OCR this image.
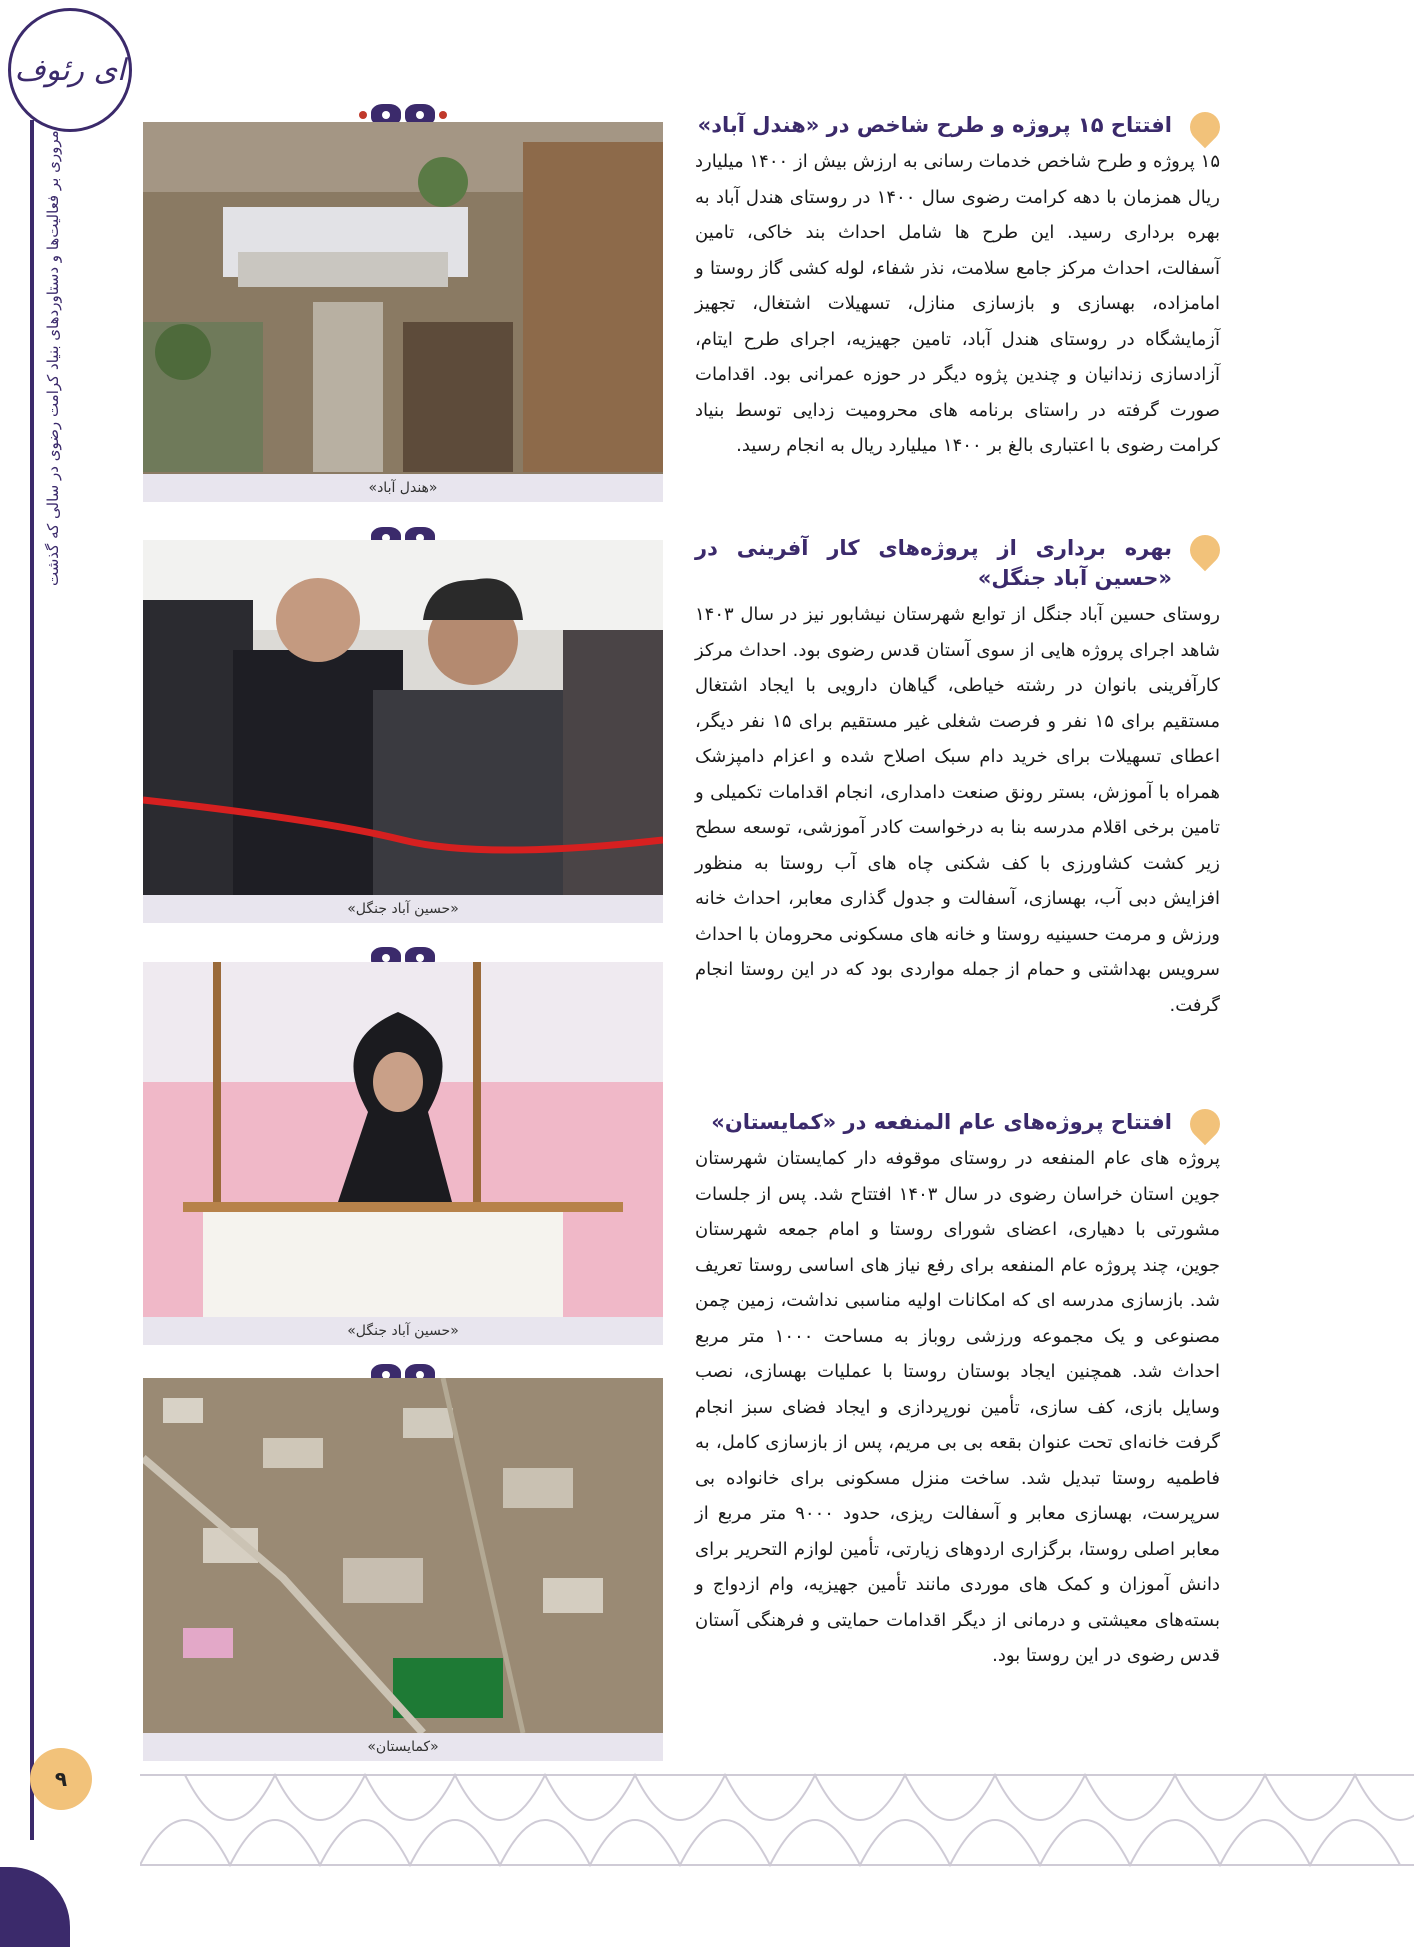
ای رئوف
مروری بر فعالیت‌ها و دستاوردهای بنیاد کرامت رضوی در سالی که گذشت
۹
«هندل آباد»
«حسین آباد جنگل»
«حسین آباد جنگل»
«کمایستان»
افتتاح ۱۵ پروژه و طرح شاخص در «هندل آباد»

۱۵ پروژه و طرح شاخص خدمات رسانی به ارزش بیش از ۱۴۰۰ میلیارد ریال همزمان با دهه کرامت رضوی سال ۱۴۰۰ در روستای هندل آباد به بهره برداری رسید. این طرح ها شامل احداث بند خاکی، تامین آسفالت، احداث مرکز جامع سلامت، نذر شفاء، لوله کشی گاز روستا و امامزاده، بهسازی و بازسازی منازل، تسهیلات اشتغال، تجهیز آزمایشگاه در روستای هندل آباد، تامین جهیزیه، اجرای طرح ایتام، آزادسازی زندانیان و چندین پژوه دیگر در حوزه عمرانی بود. اقدامات صورت گرفته در راستای برنامه های محرومیت زدایی توسط بنیاد کرامت رضوی با اعتباری بالغ بر ۱۴۰۰ میلیارد ریال به انجام رسید.

بهره برداری از پروژه‌های کار آفرینی در «حسین آباد جنگل»

روستای حسین آباد جنگل از توابع شهرستان نیشابور نیز در سال ۱۴۰۳ شاهد اجرای پروژه هایی از سوی آستان قدس رضوی بود. احداث مرکز کارآفرینی بانوان در رشته خیاطی، گیاهان دارویی با ایجاد اشتغال مستقیم برای ۱۵ نفر و فرصت شغلی غیر مستقیم برای ۱۵ نفر دیگر، اعطای تسهیلات برای خرید دام سبک اصلاح شده و اعزام دامپزشک همراه با آموزش، بستر رونق صنعت دامداری، انجام اقدامات تکمیلی و تامین برخی اقلام مدرسه بنا به درخواست کادر آموزشی، توسعه سطح زیر کشت کشاورزی با کف شکنی چاه های آب روستا به منظور افزایش دبی آب، بهسازی، آسفالت و جدول گذاری معابر، احداث خانه ورزش و مرمت حسینیه روستا و خانه های مسکونی محرومان با احداث سرویس بهداشتی و حمام از جمله مواردی بود که در این روستا انجام گرفت.

افتتاح پروژه‌های عام المنفعه در «کمایستان»

پروژه های عام المنفعه در روستای موقوفه دار کمایستان شهرستان جوین استان خراسان رضوی در سال ۱۴۰۳ افتتاح شد. پس از جلسات مشورتی با دهیاری، اعضای شورای روستا و امام جمعه شهرستان جوین، چند پروژه عام المنفعه برای رفع نیاز های اساسی روستا تعریف شد. بازسازی مدرسه ای که امکانات اولیه مناسبی نداشت، زمین چمن مصنوعی و یک مجموعه ورزشی روباز به مساحت ۱۰۰۰ متر مربع احداث شد. همچنین ایجاد بوستان روستا با عملیات بهسازی، نصب وسایل بازی، کف سازی، تأمین نورپردازی و ایجاد فضای سبز انجام گرفت خانه‌ای تحت عنوان بقعه بی بی مریم، پس از بازسازی کامل، به فاطمیه روستا تبدیل شد. ساخت منزل مسکونی برای خانواده بی سرپرست، بهسازی معابر و آسفالت ریزی، حدود ۹۰۰۰ متر مربع از معابر اصلی روستا، برگزاری اردوهای زیارتی، تأمین لوازم التحریر برای دانش آموزان و کمک های موردی مانند تأمین جهیزیه، وام ازدواج و بسته‌های معیشتی و درمانی از دیگر اقدامات حمایتی و فرهنگی آستان قدس رضوی در این روستا بود.
